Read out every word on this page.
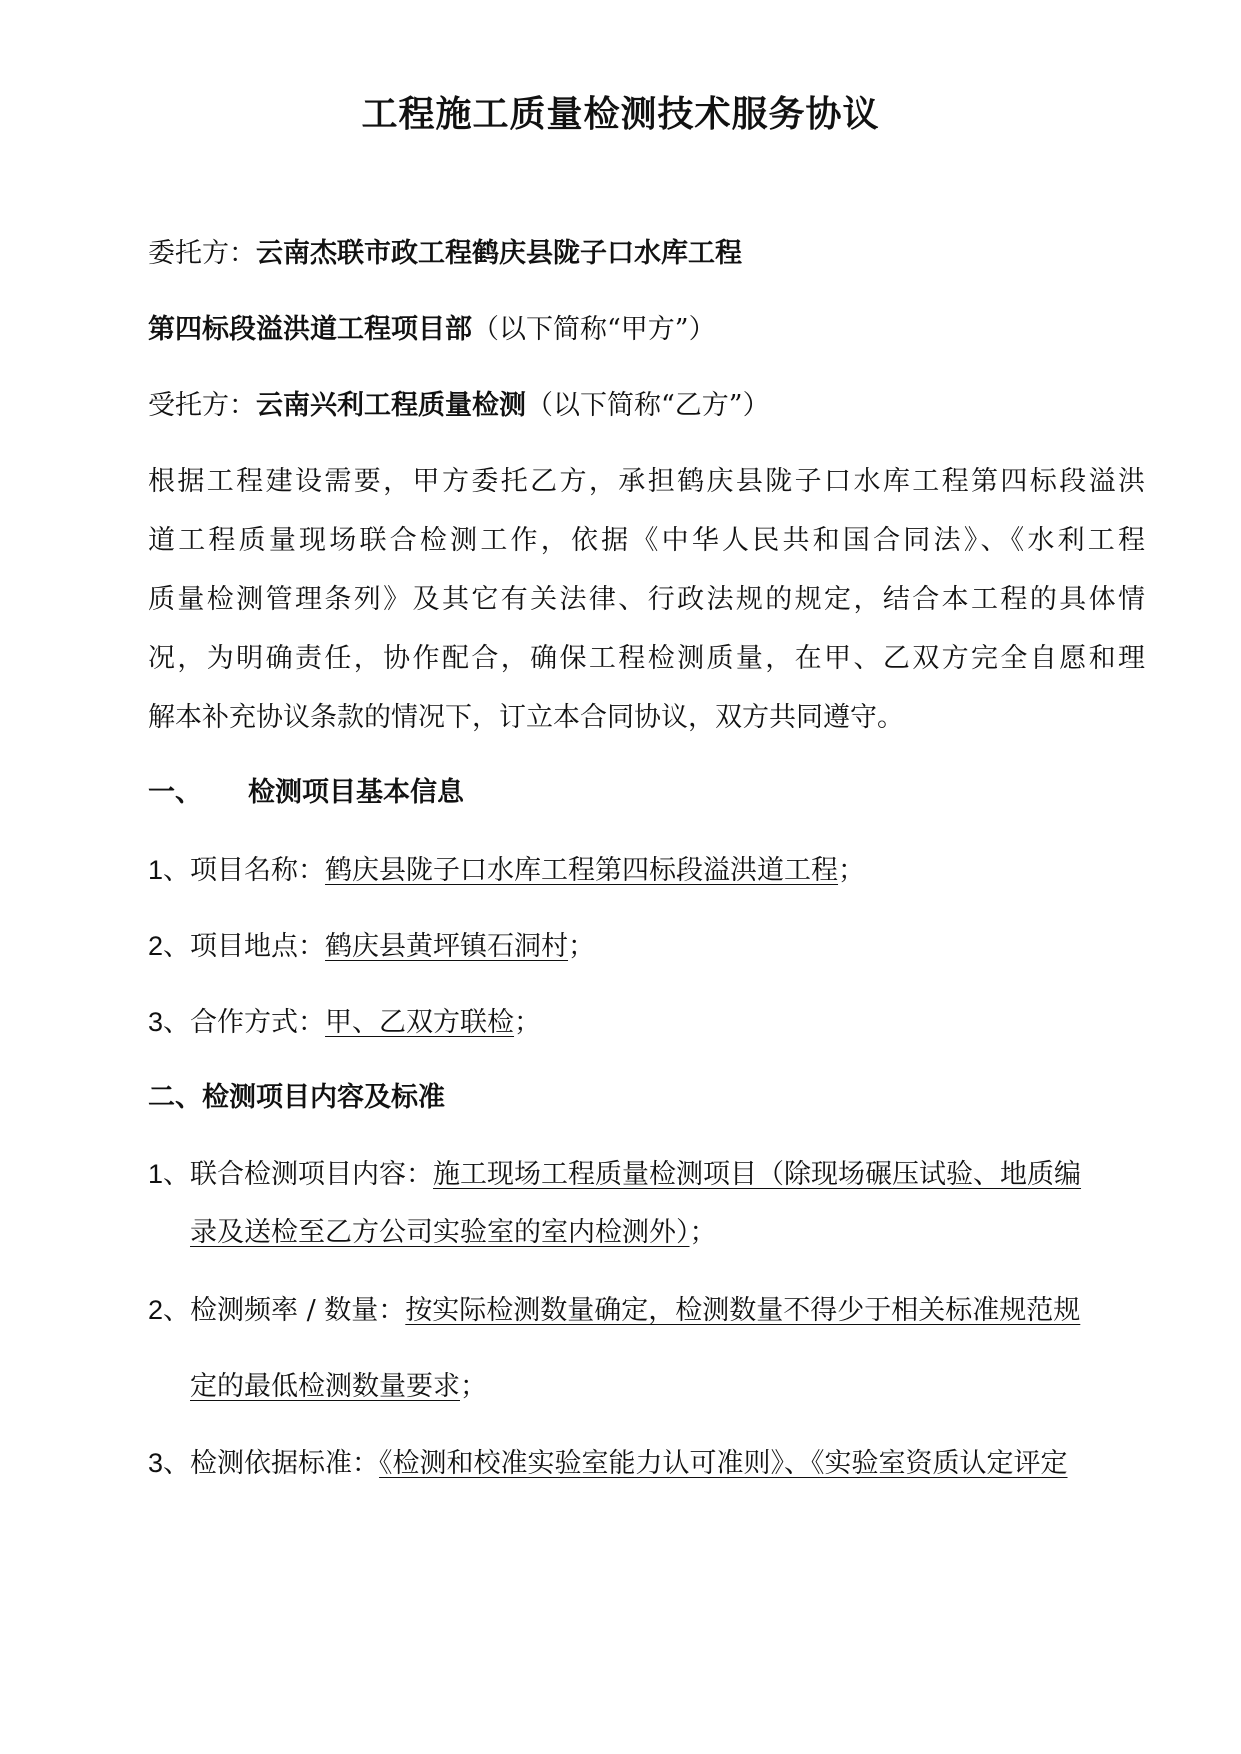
工程施工质量检测技术服务协议
委托方：云南杰联市政工程鹤庆县陇子口水库工程
第四标段溢洪道工程项目部（以下简称“甲方”）
受托方：云南兴利工程质量检测（以下简称“乙方”）
根据工程建设需要，甲方委托乙方，承担鹤庆县陇子口水库工程第四标段溢洪
道工程质量现场联合检测工作，依据《中华人民共和国合同法》、《水利工程
质量检测管理条列》及其它有关法律、行政法规的规定，结合本工程的具体情
况，为明确责任，协作配合，确保工程检测质量，在甲、乙双方完全自愿和理
解本补充协议条款的情况下，订立本合同协议，双方共同遵守。
一、 检测项目基本信息
1、项目名称：鹤庆县陇子口水库工程第四标段溢洪道工程；
2、项目地点：鹤庆县黄坪镇石洞村；
3、合作方式：甲、乙双方联检；
二、检测项目内容及标准
1、联合检测项目内容：施工现场工程质量检测项目（除现场碾压试验、地质编
录及送检至乙方公司实验室的室内检测外）；
2、检测频率 / 数量：按实际检测数量确定，检测数量不得少于相关标准规范规
定的最低检测数量要求；
3、检测依据标准：《检测和校准实验室能力认可准则》、《实验室资质认定评定
